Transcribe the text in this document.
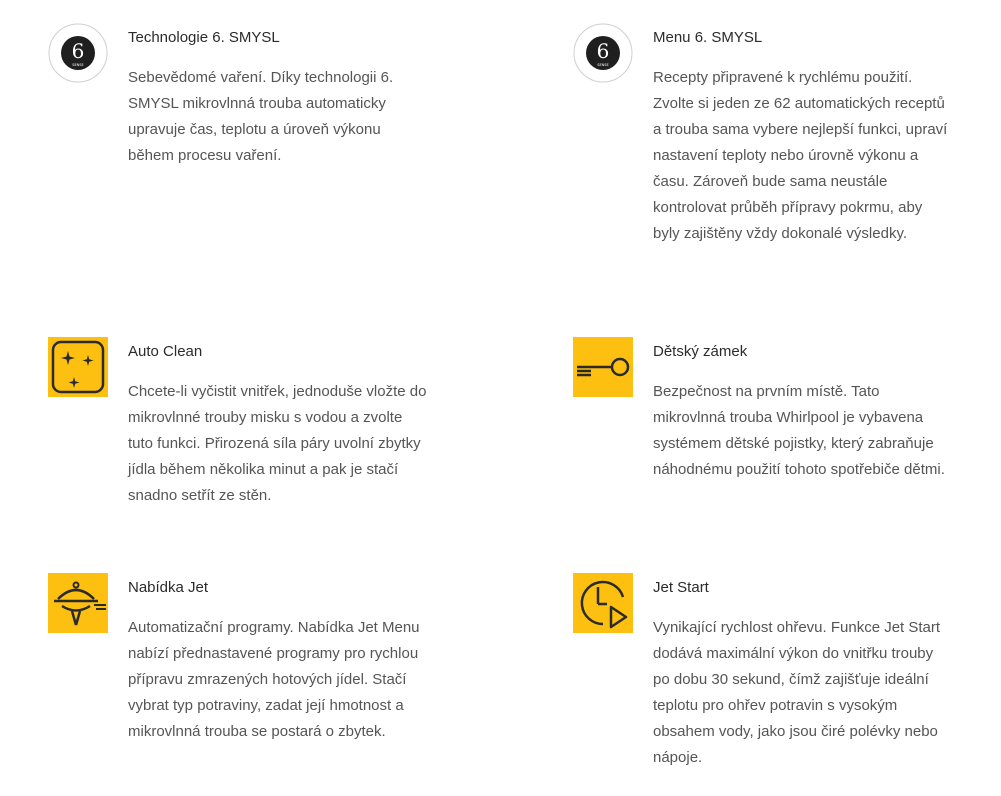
6
SENSE
Technologie 6. SMYSL

Sebevědomé vaření. Díky technologii 6. SMYSL mikrovlnná trouba automaticky upravuje čas, teplotu a úroveň výkonu během procesu vaření.

6
SENSE
Menu 6. SMYSL

Recepty připravené k rychlému použití. Zvolte si jeden ze 62 automatických receptů a trouba sama vybere nejlepší funkci, upraví nastavení teploty nebo úrovně výkonu a času. Zároveň bude sama neustále kontrolovat průběh přípravy pokrmu, aby byly zajištěny vždy dokonalé výsledky.

Auto Clean

Chcete-li vyčistit vnitřek, jednoduše vložte do mikrovlnné trouby misku s vodou a zvolte tuto funkci. Přirozená síla páry uvolní zbytky jídla během několika minut a pak je stačí snadno setřít ze stěn.

Dětský zámek

Bezpečnost na prvním místě. Tato mikrovlnná trouba Whirlpool je vybavena systémem dětské pojistky, který zabraňuje náhodnému použití tohoto spotřebiče dětmi.

Nabídka Jet

Automatizační programy. Nabídka Jet Menu nabízí přednastavené programy pro rychlou přípravu zmrazených hotových jídel. Stačí vybrat typ potraviny, zadat její hmotnost a mikrovlnná trouba se postará o zbytek.

Jet Start

Vynikající rychlost ohřevu. Funkce Jet Start dodává maximální výkon do vnitřku trouby po dobu 30 sekund, čímž zajišťuje ideální teplotu pro ohřev potravin s vysokým obsahem vody, jako jsou čiré polévky nebo nápoje.
